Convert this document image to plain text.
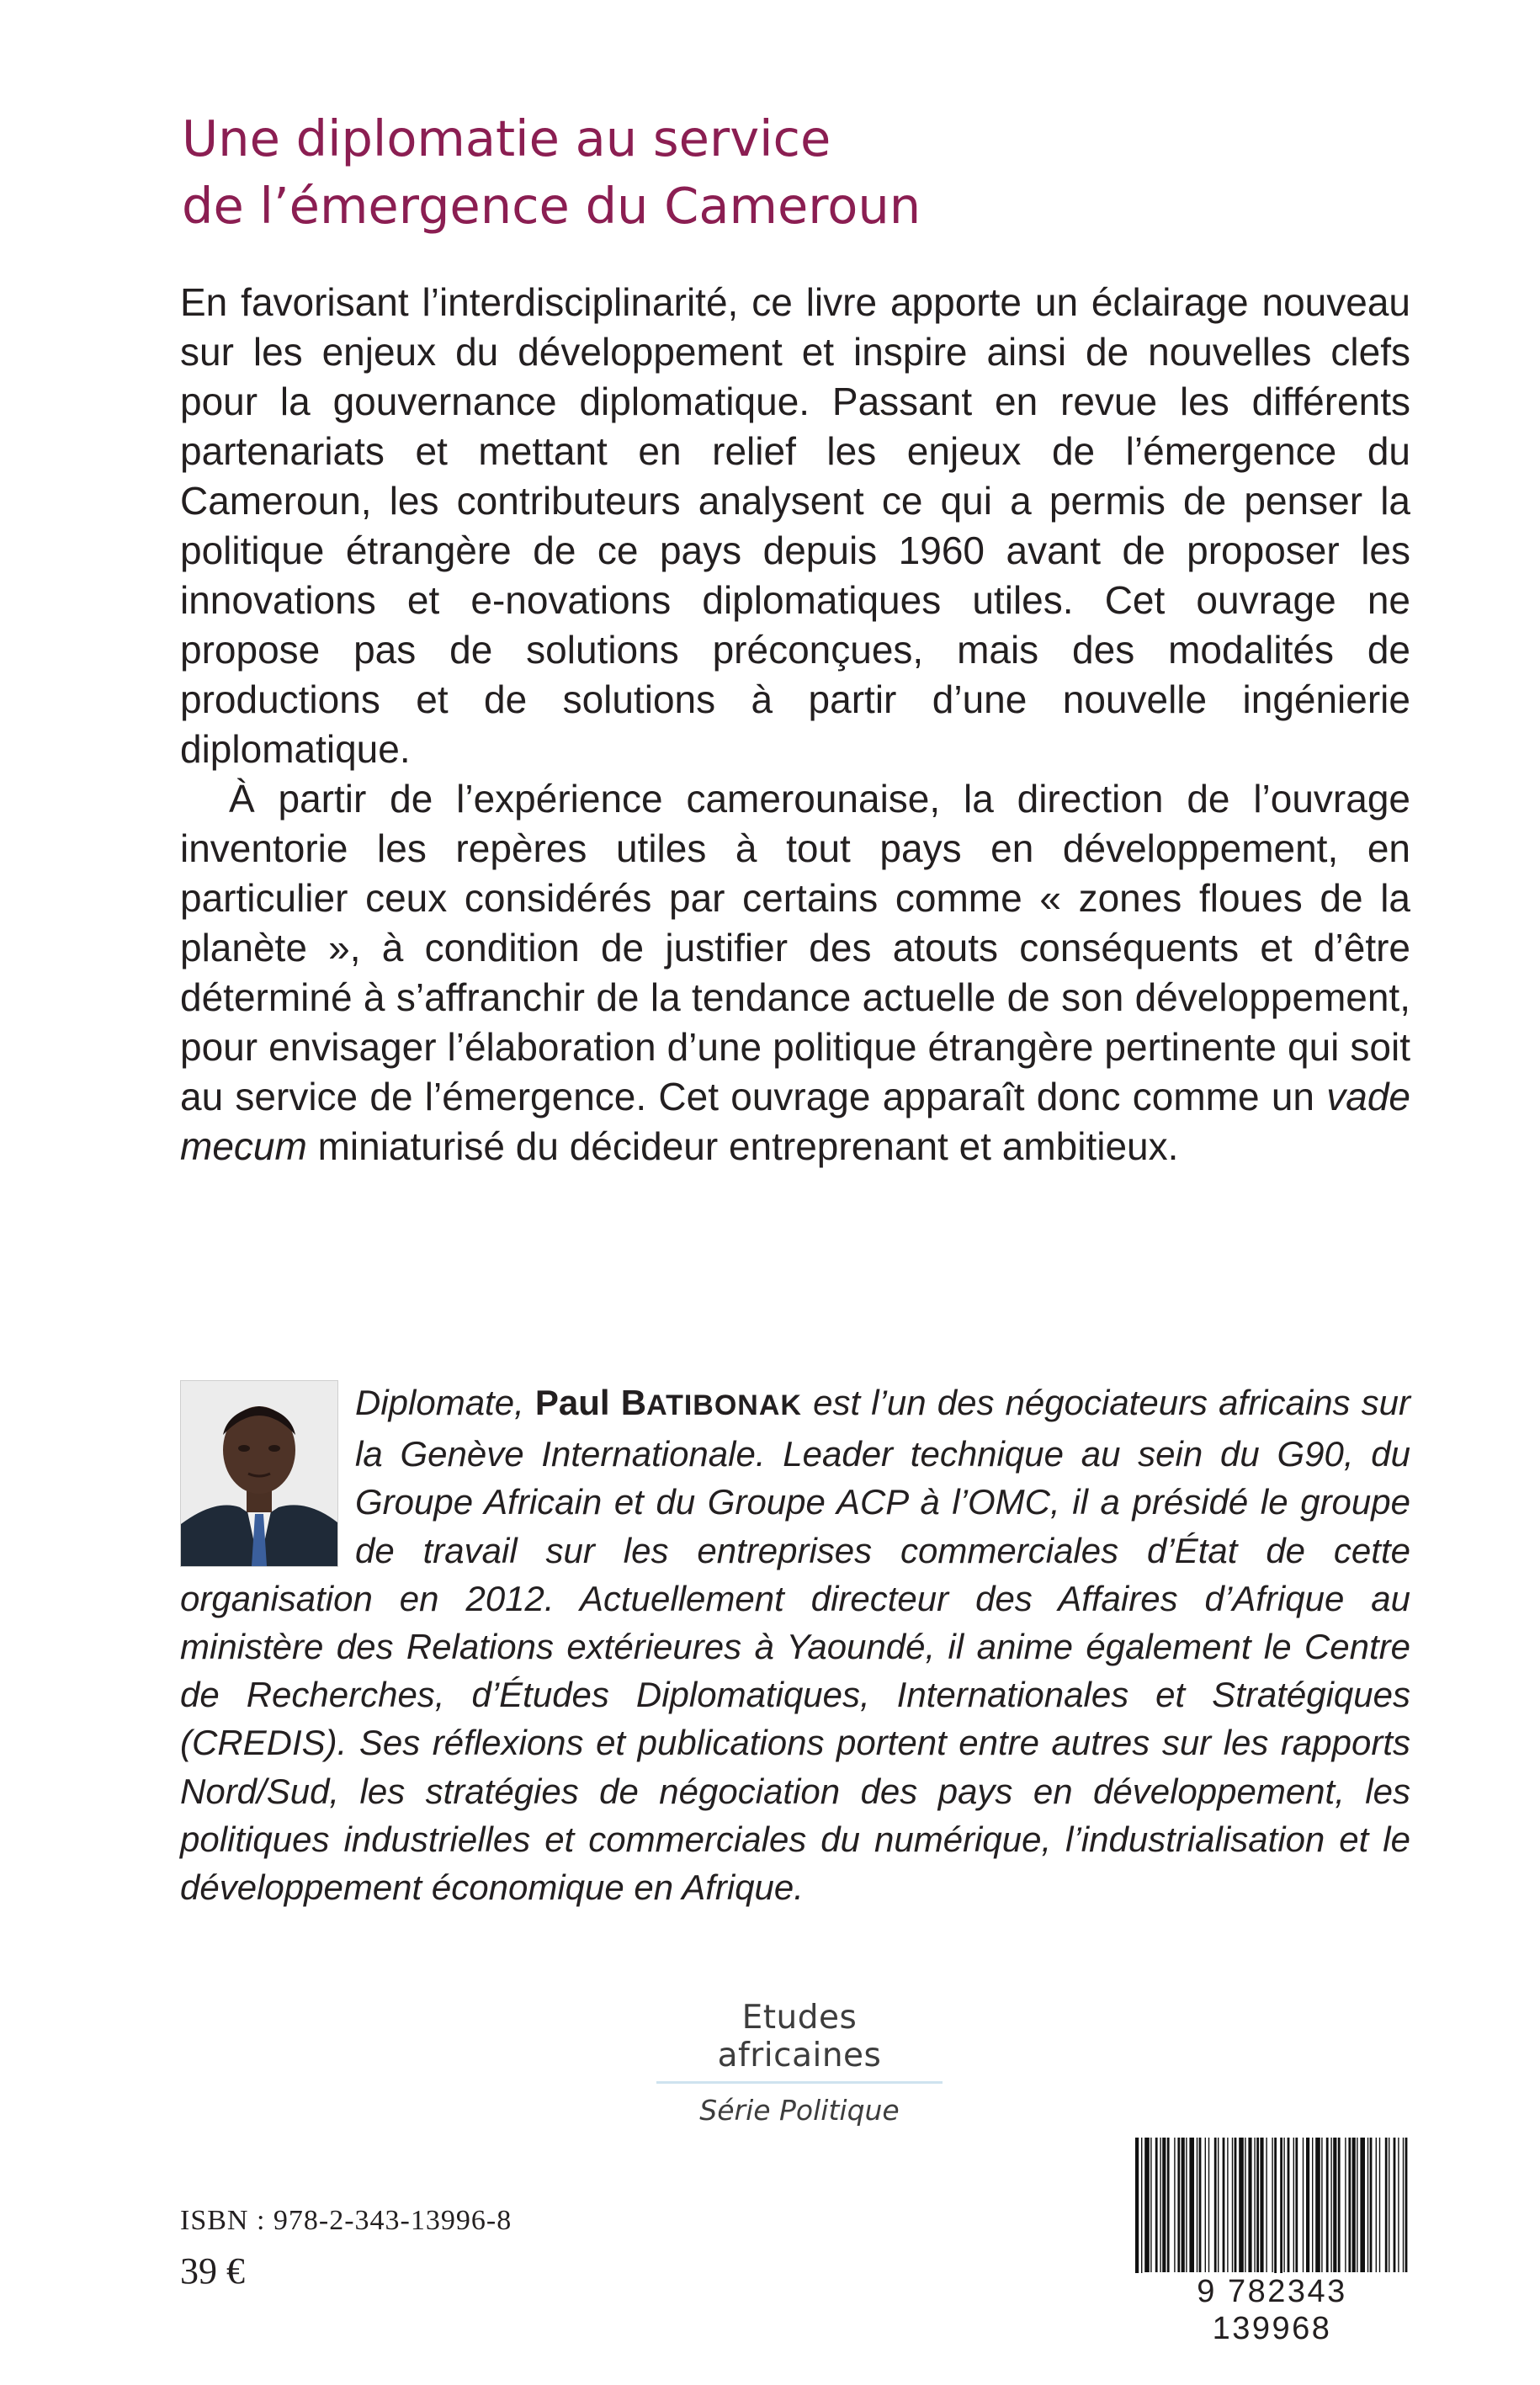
Une diplomatie au service
de l’émergence du Cameroun

En favorisant l’interdisciplinarité, ce livre apporte un éclairage nouveau sur les enjeux du développement et inspire ainsi de nouvelles clefs pour la gouvernance diplomatique. Passant en revue les différents partenariats et mettant en relief les enjeux de l’émergence du Cameroun, les contributeurs analysent ce qui a permis de penser la politique étrangère de ce pays depuis 1960 avant de proposer les innovations et e-novations diplomatiques utiles. Cet ouvrage ne propose pas de solutions préconçues, mais des modalités de productions et de solutions à partir d’une nouvelle ingénierie diplomatique.

À partir de l’expérience camerounaise, la direction de l’ouvrage inventorie les repères utiles à tout pays en développement, en particulier ceux considérés par certains comme « zones floues de la planète », à condition de justifier des atouts conséquents et d’être déterminé à s’affranchir de la tendance actuelle de son développement, pour envisager l’élaboration d’une politique étrangère pertinente qui soit au service de l’émergence. Cet ouvrage apparaît donc comme un vade mecum miniaturisé du décideur entreprenant et ambitieux.

Diplomate, Paul BATIBONAK est l’un des négociateurs africains sur la Genève Internationale. Leader technique au sein du G90, du Groupe Africain et du Groupe ACP à l’OMC, il a présidé le groupe de travail sur les entreprises commerciales d’État de cette organisation en 2012. Actuellement directeur des Affaires d’Afrique au ministère des Relations extérieures à Yaoundé, il anime également le Centre de Recherches, d’Études Diplomatiques, Internationales et Stratégiques (CREDIS). Ses réflexions et publications portent entre autres sur les rapports Nord/Sud, les stratégies de négociation des pays en développement, les politiques industrielles et commerciales du numérique, l’industrialisation et le développement économique en Afrique.

Etudes africaines
Série Politique
ISBN : 978-2-343-13996-8
39 €	9 782343 139968
